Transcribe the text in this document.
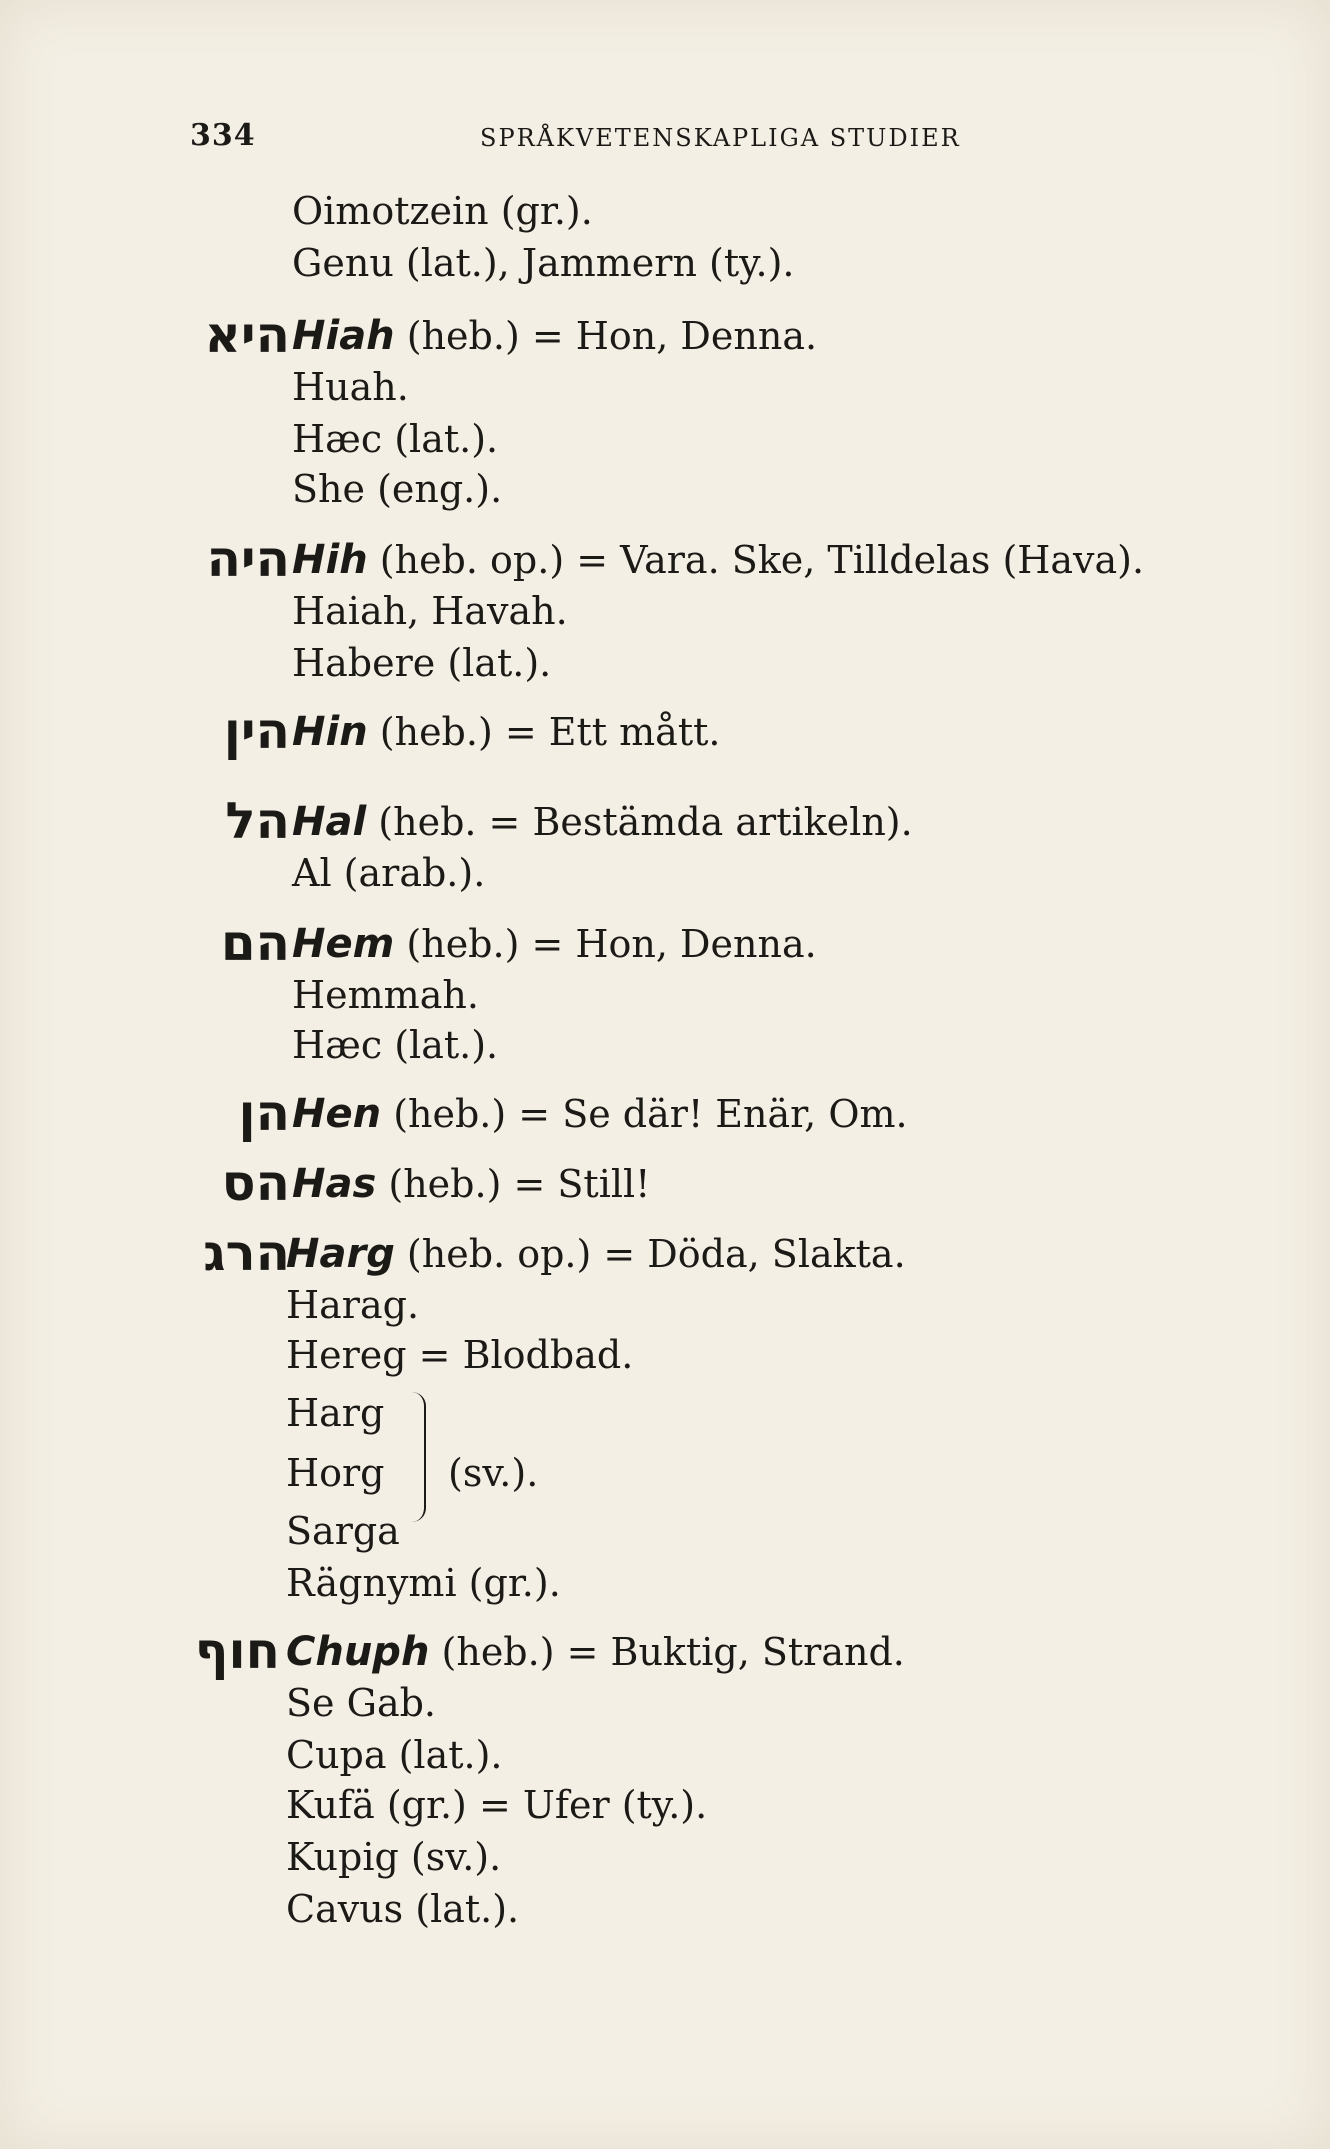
334	SPRÅKVETENSKAPLIGA STUDIER
Oimotzein (gr.).
Genu (lat.), Jammern (ty.).
היא Hiah (heb.) = Hon, Denna.
Huah.
Hæc (lat.).
She (eng.).
היה Hih (heb. op.) = Vara. Ske, Tilldelas (Hava).
Haiah, Havah.
Habere (lat.).
הין Hin (heb.) = Ett mått.
הל Hal (heb. = Bestämda artikeln).
Al (arab.).
הם Hem (heb.) = Hon, Denna.
Hemmah.
Hæc (lat.).
הן Hen (heb.) = Se där! Enär, Om.
הס Has (heb.) = Still!
הרג
Harg (heb. op.) = Döda, Slakta.
Harag.
Hereg = Blodbad.
Harg
Horg
Sarga
(sv.).
Rägnymi (gr.).
חוף Chuph (heb.) = Buktig, Strand.
Se Gab.
Cupa (lat.).
Kufä (gr.) = Ufer (ty.).
Kupig (sv.).
Cavus (lat.).
